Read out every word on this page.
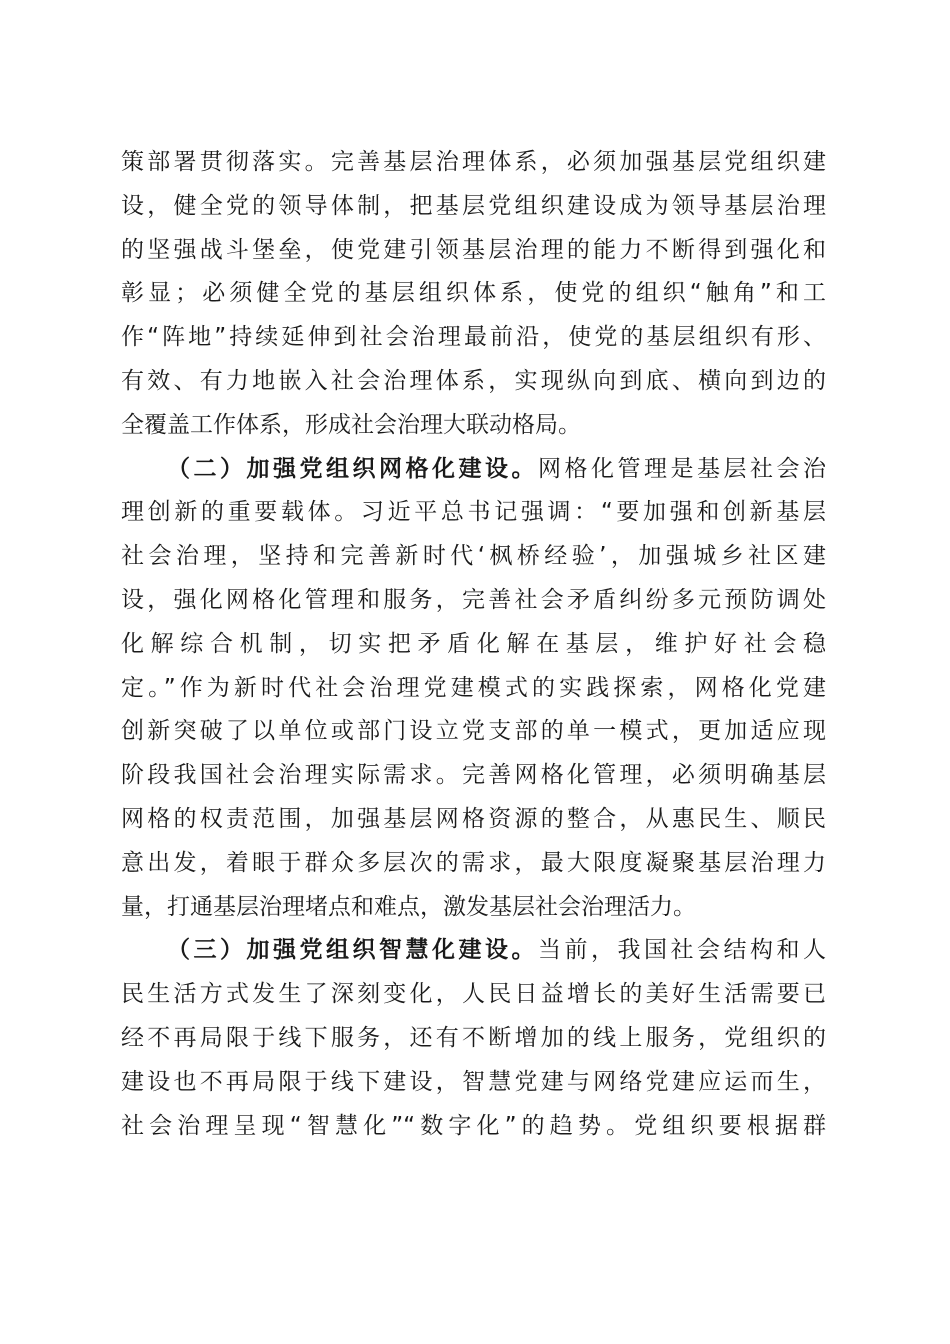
策部署贯彻落实。完善基层治理体系，必须加强基层党组织建
设，健全党的领导体制，把基层党组织建设成为领导基层治理
的坚强战斗堡垒，使党建引领基层治理的能力不断得到强化和
彰显；必须健全党的基层组织体系，使党的组织“触角”和工
作“阵地”持续延伸到社会治理最前沿，使党的基层组织有形、
有效、有力地嵌入社会治理体系，实现纵向到底、横向到边的
全覆盖工作体系，形成社会治理大联动格局。
（二）加强党组织网格化建设。网格化管理是基层社会治
理创新的重要载体。习近平总书记强调：“要加强和创新基层
社会治理，坚持和完善新时代‘枫桥经验’，加强城乡社区建
设，强化网格化管理和服务，完善社会矛盾纠纷多元预防调处
化解综合机制，切实把矛盾化解在基层，维护好社会稳
定。”作为新时代社会治理党建模式的实践探索，网格化党建
创新突破了以单位或部门设立党支部的单一模式，更加适应现
阶段我国社会治理实际需求。完善网格化管理，必须明确基层
网格的权责范围，加强基层网格资源的整合，从惠民生、顺民
意出发，着眼于群众多层次的需求，最大限度凝聚基层治理力
量，打通基层治理堵点和难点，激发基层社会治理活力。
（三）加强党组织智慧化建设。当前，我国社会结构和人
民生活方式发生了深刻变化，人民日益增长的美好生活需要已
经不再局限于线下服务，还有不断增加的线上服务，党组织的
建设也不再局限于线下建设，智慧党建与网络党建应运而生，
社会治理呈现“智慧化”“数字化”的趋势。党组织要根据群
